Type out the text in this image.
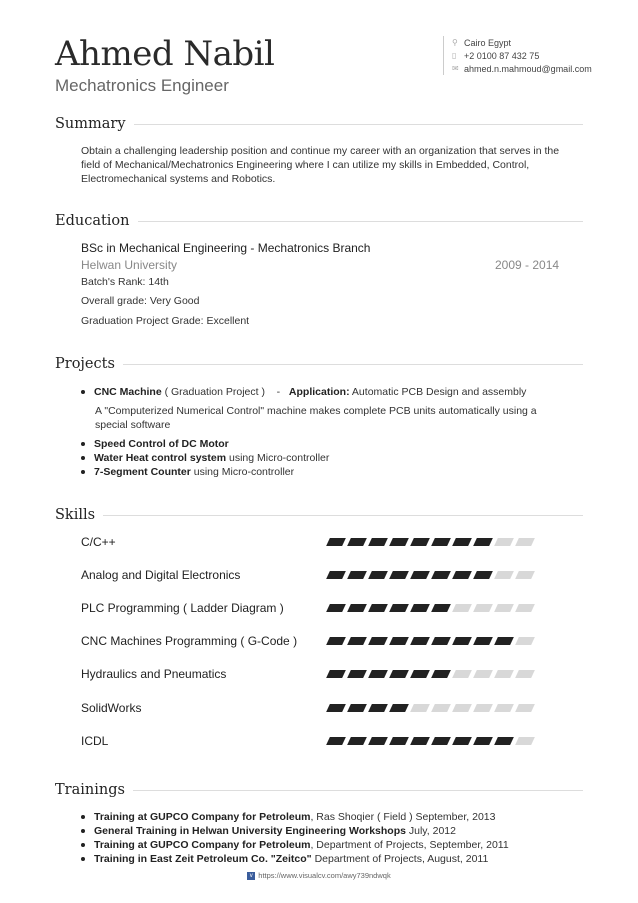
Ahmed Nabil
Mechatronics Engineer
⚲ Cairo Egypt
▯ +2 0100 87 432 75
✉ ahmed.n.mahmoud@gmail.com
Summary
Obtain a challenging leadership position and continue my career with an organization that serves in the
field of Mechanical/Mechatronics Engineering where I can utilize my skills in Embedded, Control,
Electromechanical systems and Robotics.
Education
BSc in Mechanical Engineering - Mechatronics Branch
Helwan University	2009 - 2014
Batch's Rank: 14th
Overall grade: Very Good
Graduation Project Grade: Excellent
Projects
CNC Machine ( Graduation Project ) - Application: Automatic PCB Design and assembly
A "Computerized Numerical Control" machine makes complete PCB units automatically using a
special software
Speed Control of DC Motor
Water Heat control system using Micro-controller
7-Segment Counter using Micro-controller
Skills
C/C++
Analog and Digital Electronics
PLC Programming ( Ladder Diagram )
CNC Machines Programming ( G-Code )
Hydraulics and Pneumatics
SolidWorks
ICDL
Trainings
Training at GUPCO Company for Petroleum, Ras Shoqier ( Field ) September, 2013
General Training in Helwan University Engineering Workshops July, 2012
Training at GUPCO Company for Petroleum, Department of Projects, September, 2011
Training in East Zeit Petroleum Co. "Zeitco" Department of Projects, August, 2011
v https://www.visualcv.com/awy739ndwqk
